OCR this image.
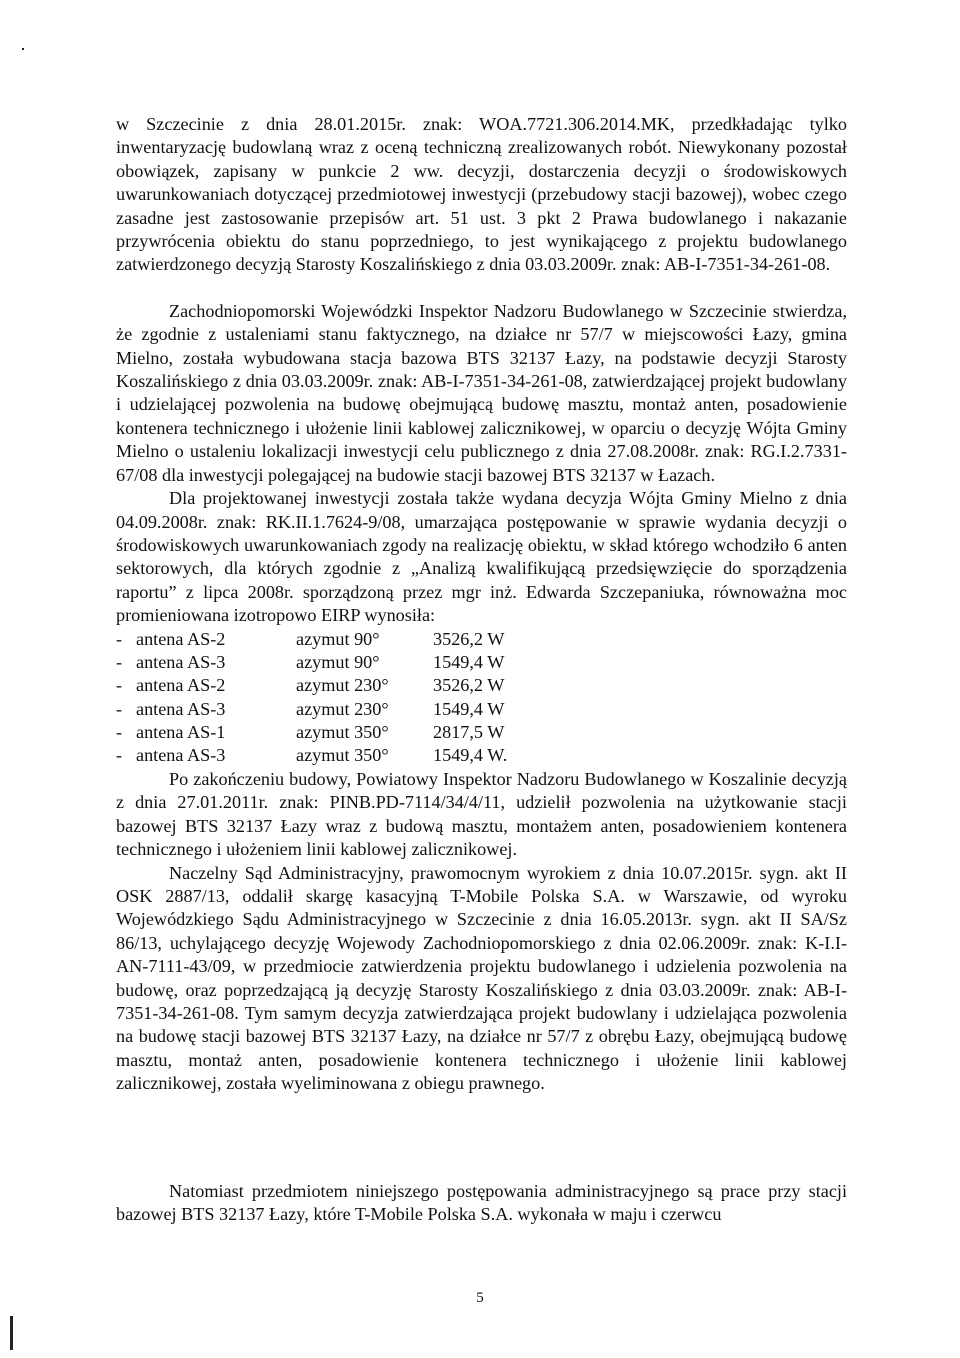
w Szczecinie z dnia 28.01.2015r. znak: WOA.7721.306.2014.MK, przedkładając tylko inwentaryzację budowlaną wraz z oceną techniczną zrealizowanych robót. Niewykonany pozostał obowiązek, zapisany w punkcie 2 ww. decyzji, dostarczenia decyzji o środowiskowych uwarunkowaniach dotyczącej przedmiotowej inwestycji (przebudowy stacji bazowej), wobec czego zasadne jest zastosowanie przepisów art. 51 ust. 3 pkt 2 Prawa budowlanego i nakazanie przywrócenia obiektu do stanu poprzedniego, to jest wynikającego z projektu budowlanego zatwierdzonego decyzją Starosty Koszalińskiego z dnia 03.03.2009r. znak: AB-I-7351-34-261-08.

Zachodniopomorski Wojewódzki Inspektor Nadzoru Budowlanego w Szczecinie stwierdza, że zgodnie z ustaleniami stanu faktycznego, na działce nr 57/7 w miejscowości Łazy, gmina Mielno, została wybudowana stacja bazowa BTS 32137 Łazy, na podstawie decyzji Starosty Koszalińskiego z dnia 03.03.2009r. znak: AB-I-7351-34-261-08, zatwierdzającej projekt budowlany i udzielającej pozwolenia na budowę obejmującą budowę masztu, montaż anten, posadowienie kontenera technicznego i ułożenie linii kablowej zalicznikowej, w oparciu o decyzję Wójta Gminy Mielno o ustaleniu lokalizacji inwestycji celu publicznego z dnia 27.08.2008r. znak: RG.I.2.7331-67/08 dla inwestycji polegającej na budowie stacji bazowej BTS 32137 w Łazach.

Dla projektowanej inwestycji została także wydana decyzja Wójta Gminy Mielno z dnia 04.09.2008r. znak: RK.II.1.7624-9/08, umarzająca postępowanie w sprawie wydania decyzji o środowiskowych uwarunkowaniach zgody na realizację obiektu, w skład którego wchodziło 6 anten sektorowych, dla których zgodnie z „Analizą kwalifikującą przedsięwzięcie do sporządzenia raportu” z lipca 2008r. sporządzoną przez mgr inż. Edwarda Szczepaniuka, równoważna moc promieniowana izotropowo EIRP wynosiła:

- antena AS-2	azymut 90°	3526,2 W
- antena AS-3	azymut 90°	1549,4 W
- antena AS-2	azymut 230°	3526,2 W
- antena AS-3	azymut 230°	1549,4 W
- antena AS-1	azymut 350°	2817,5 W
- antena AS-3	azymut 350°	1549,4 W.

Po zakończeniu budowy, Powiatowy Inspektor Nadzoru Budowlanego w Koszalinie decyzją z dnia 27.01.2011r. znak: PINB.PD-7114/34/4/11, udzielił pozwolenia na użytkowanie stacji bazowej BTS 32137 Łazy wraz z budową masztu, montażem anten, posadowieniem kontenera technicznego i ułożeniem linii kablowej zalicznikowej.

Naczelny Sąd Administracyjny, prawomocnym wyrokiem z dnia 10.07.2015r. sygn. akt II OSK 2887/13, oddalił skargę kasacyjną T-Mobile Polska S.A. w Warszawie, od wyroku Wojewódzkiego Sądu Administracyjnego w Szczecinie z dnia 16.05.2013r. sygn. akt II SA/Sz 86/13, uchylającego decyzję Wojewody Zachodniopomorskiego z dnia 02.06.2009r. znak: K-I.I-AN-7111-43/09, w przedmiocie zatwierdzenia projektu budowlanego i udzielenia pozwolenia na budowę, oraz poprzedzającą ją decyzję Starosty Koszalińskiego z dnia 03.03.2009r. znak: AB-I-7351-34-261-08. Tym samym decyzja zatwierdzająca projekt budowlany i udzielająca pozwolenia na budowę stacji bazowej BTS 32137 Łazy, na działce nr 57/7 z obrębu Łazy, obejmującą budowę masztu, montaż anten, posadowienie kontenera technicznego i ułożenie linii kablowej zalicznikowej, została wyeliminowana z obiegu prawnego.

Natomiast przedmiotem niniejszego postępowania administracyjnego są prace przy stacji bazowej BTS 32137 Łazy, które T-Mobile Polska S.A. wykonała w maju i czerwcu

5
